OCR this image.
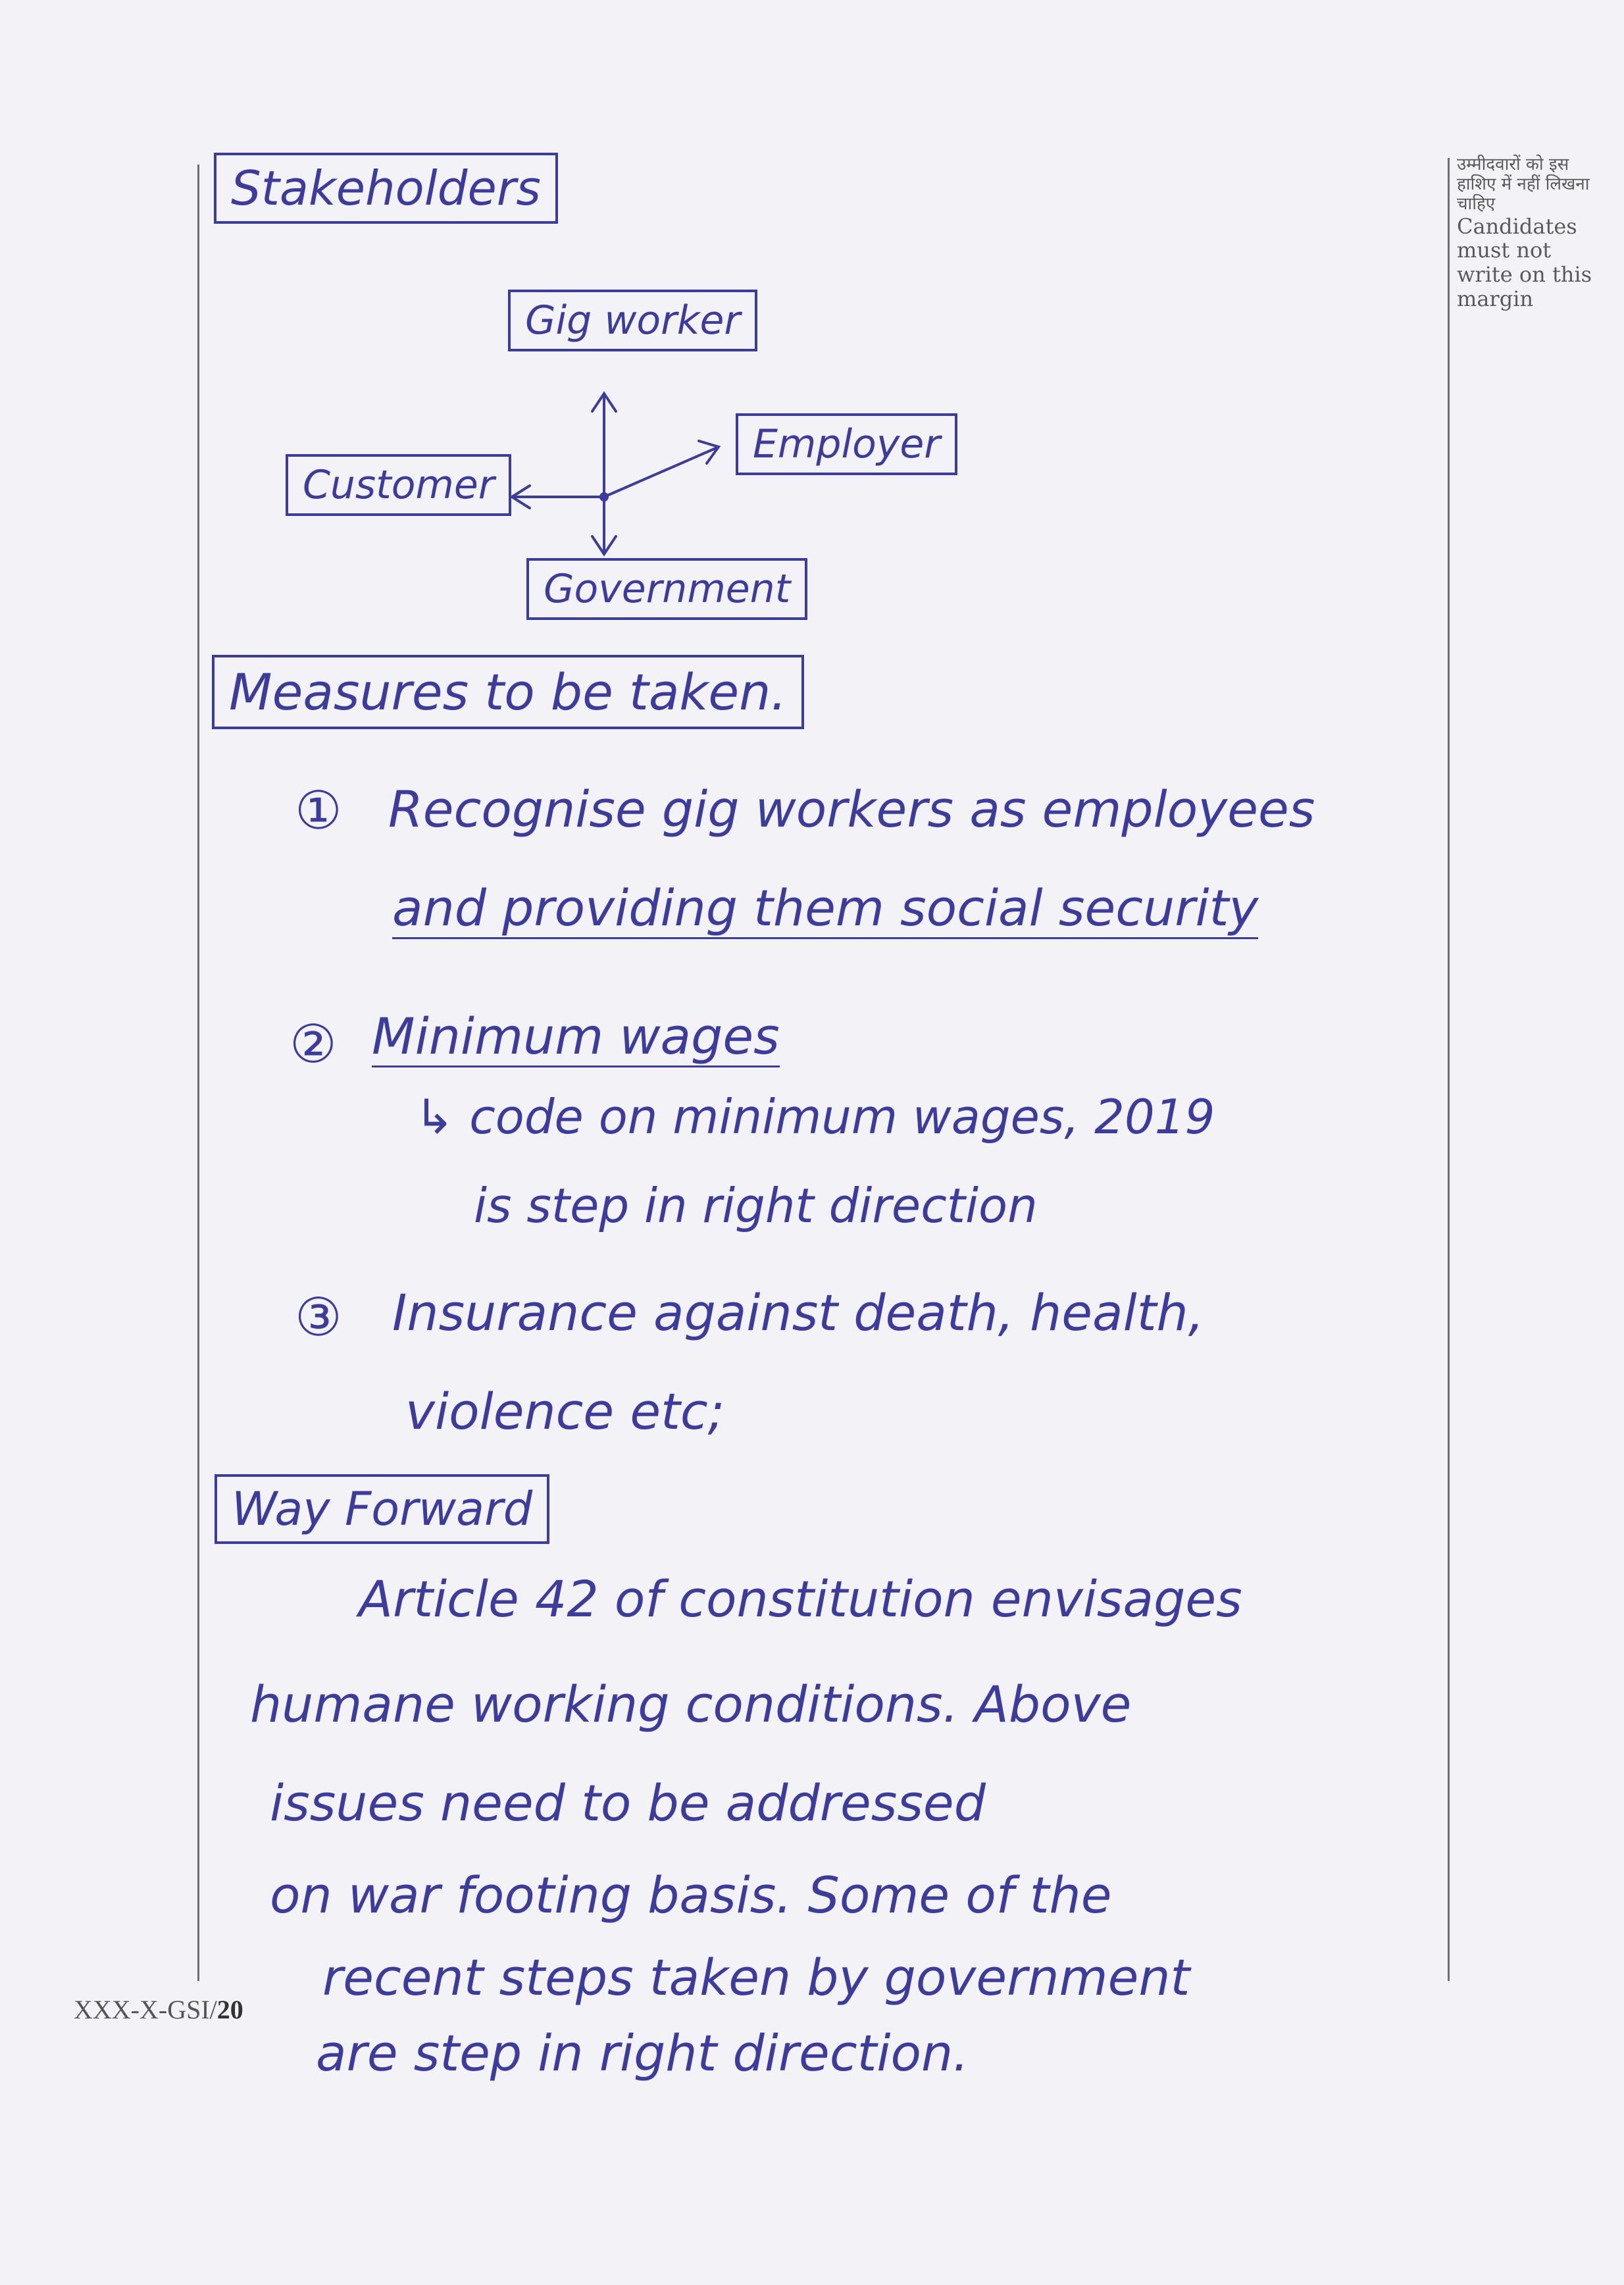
उम्मीदवारों को इस हाशिए में नहीं लिखना चाहिए
Candidates must not write on this margin
XXX-X-GSI/20
Stakeholders
Gig worker
Employer
Customer
Government
Measures to be taken.
① Recognise gig workers as employees
and providing them social security
② Minimum wages
↳ code on minimum wages, 2019
is step in right direction
③ Insurance against death, health,
violence etc;
Way Forward
Article 42 of constitution envisages
humane working conditions. Above
issues need to be addressed
on war footing basis. Some of the
recent steps taken by government
are step in right direction.
